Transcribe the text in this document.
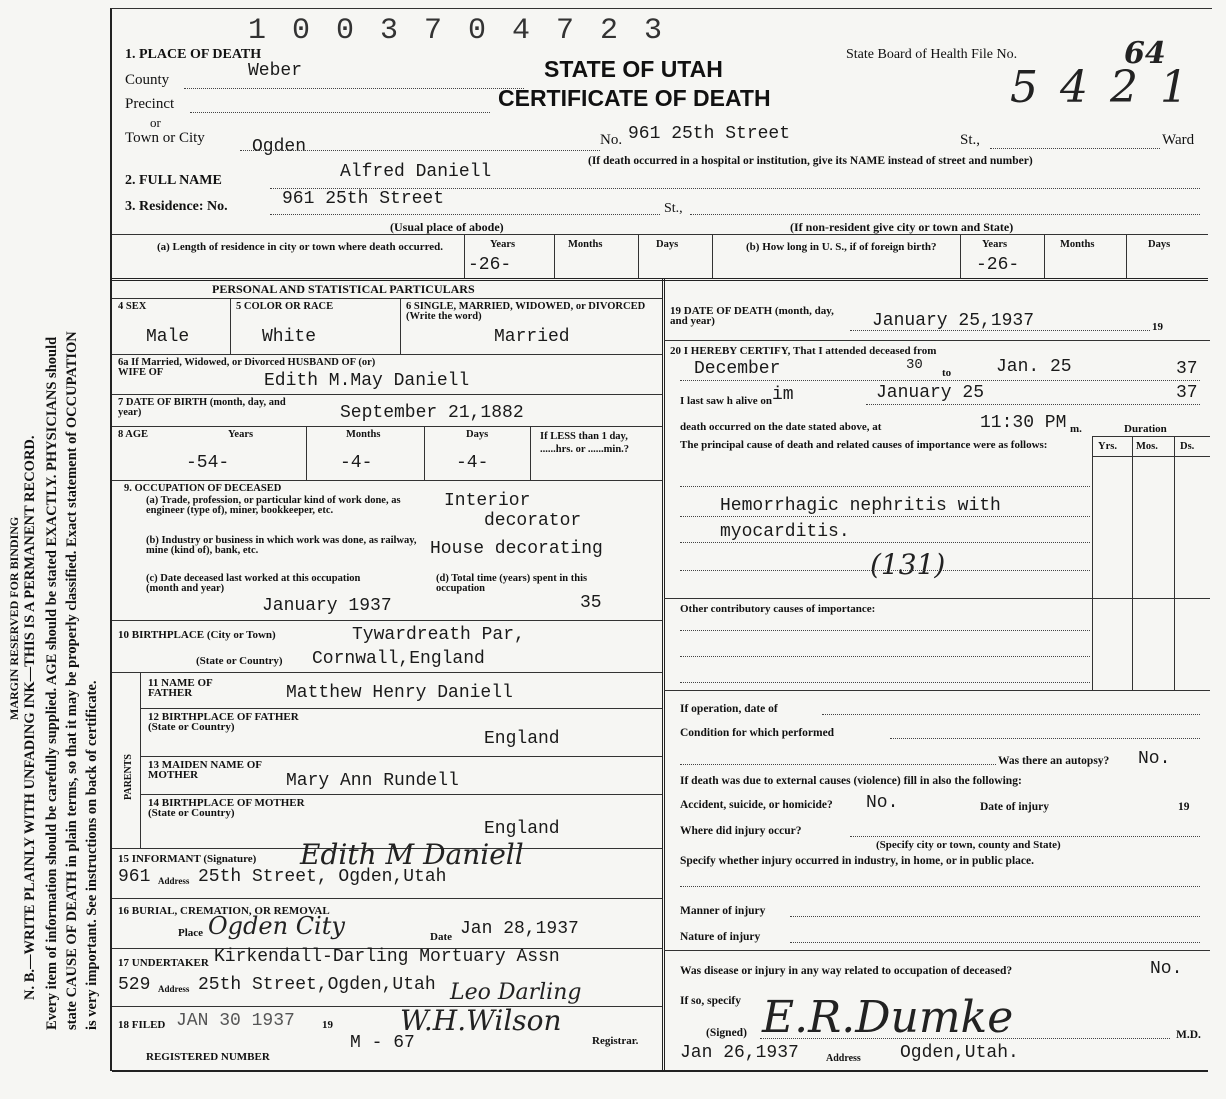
MARGIN RESERVED FOR BINDING N. B.—WRITE PLAINLY WITH UNFADING INK—THIS IS A PERMANENT RECORD. Every item of information should be carefully supplied. AGE should be stated EXACTLY. PHYSICIANS should state CAUSE OF DEATH in plain terms, so that it may be properly classified. Exact statement of OCCUPATION is very important. See instructions on back of certificate.
1 0 0 3 7 0 4 7 2 3
1. PLACE OF DEATH
STATE OF UTAH
CERTIFICATE OF DEATH
State Board of Health File No.	64
5 4 2 1
County	Weber
Precinct
or
Town or City	Ogden	No. 961 25th Street	St.,	Ward
(If death occurred in a hospital or institution, give its NAME instead of street and number)
2. FULL NAME	Alfred Daniell
3. Residence: No.	961 25th Street	St.,
(Usual place of abode)	(If non-resident give city or town and State)
(a) Length of residence in city or town where death occurred.	Years	Months	Days
-26-
(b) How long in U. S., if of foreign birth?	Years	Months	Days
-26-
PERSONAL AND STATISTICAL PARTICULARS
4 SEX
Male
5 COLOR OR RACE
White
6 SINGLE, MARRIED, WIDOWED, or DIVORCED (Write the word)
Married
6a If Married, Widowed, or Divorced HUSBAND OF (or) WIFE OF	Edith M.May Daniell
7 DATE OF BIRTH (month, day, and year)	September 21,1882
8 AGE	Years	Months	Days	If LESS than 1 day, ......hrs. or ......min.?
-54-	-4-	-4-
9. OCCUPATION OF DECEASED
(a) Trade, profession, or particular kind of work done, as engineer (type of), miner, bookkeeper, etc.	Interior
decorator
(b) Industry or business in which work was done, as railway, mine (kind of), bank, etc.	House decorating
(c) Date deceased last worked at this occupation (month and year)
January 1937
(d) Total time (years) spent in this occupation
35
10 BIRTHPLACE (City or Town)	Tywardreath Par,
(State or Country) Cornwall,England
PARENTS
11 NAME OF FATHER	Matthew Henry Daniell
12 BIRTHPLACE OF FATHER (State or Country)
England
13 MAIDEN NAME OF MOTHER	Mary Ann Rundell
14 BIRTHPLACE OF MOTHER (State or Country)
England
15 INFORMANT (Signature) Edith M Daniell
961 Address 25th Street, Ogden,Utah
16 BURIAL, CREMATION, OR REMOVAL
Place Ogden City	Date Jan 28,1937
17 UNDERTAKER Kirkendall-Darling Mortuary Assn
529 Address 25th Street,Ogden,Utah Leo Darling
18 FILED JAN 30 1937 19 W.H.Wilson
Registrar.
REGISTERED NUMBER
M - 67
19 DATE OF DEATH (month, day, and year)	January 25,1937	19
20 I HEREBY CERTIFY, That I attended deceased from
December	30 to Jan. 25	37
I last saw h alive on im	January 25	37
death occurred on the date stated above, at	11:30 PM m.	Duration
The principal cause of death and related causes of importance were as follows:	Yrs. Mos. Ds.
Hemorrhagic nephritis with
myocarditis.
(131)
Other contributory causes of importance:
If operation, date of
Condition for which performed
Was there an autopsy? No.
If death was due to external causes (violence) fill in also the following:
Accident, suicide, or homicide? No.	Date of injury	19
Where did injury occur?
(Specify city or town, county and State)
Specify whether injury occurred in industry, in home, or in public place.
Manner of injury
Nature of injury
Was disease or injury in any way related to occupation of deceased?	No.
If so, specify E.R.Dumke
(Signed)	M.D.
Jan 26,1937	Address Ogden,Utah.
